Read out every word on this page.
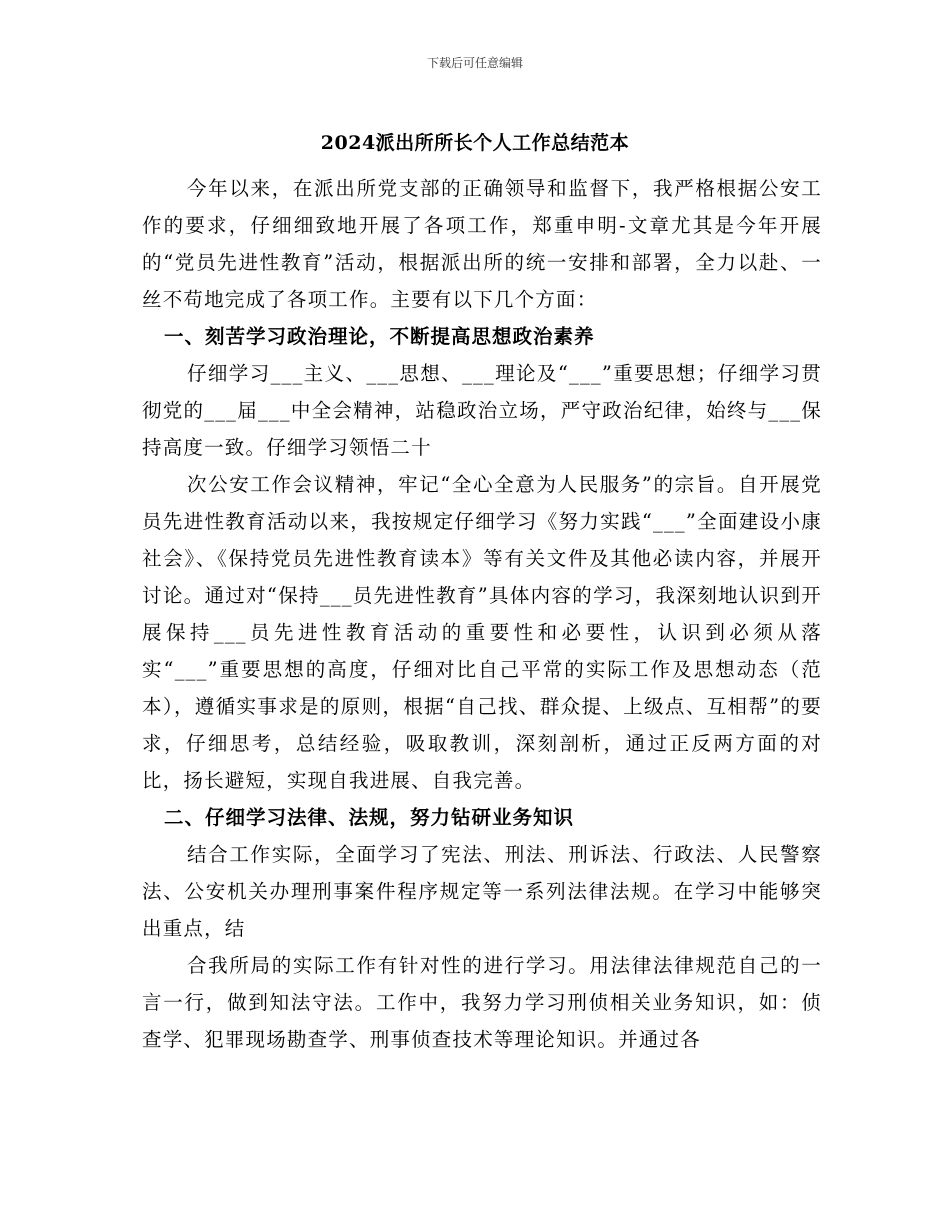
下载后可任意编辑
2024派出所所长个人工作总结范本

今年以来，在派出所党支部的正确领导和监督下，我严格根据公安工作的要求，仔细细致地开展了各项工作，郑重申明-文章尤其是今年开展的“党员先进性教育”活动，根据派出所的统一安排和部署，全力以赴、一丝不苟地完成了各项工作。主要有以下几个方面：

一、刻苦学习政治理论，不断提高思想政治素养

仔细学习___主义、___思想、___理论及“___”重要思想；仔细学习贯彻党的___届___中全会精神，站稳政治立场，严守政治纪律，始终与___保持高度一致。仔细学习领悟二十

次公安工作会议精神，牢记“全心全意为人民服务”的宗旨。自开展党员先进性教育活动以来，我按规定仔细学习《努力实践“___”全面建设小康社会》、《保持党员先进性教育读本》等有关文件及其他必读内容，并展开讨论。通过对“保持___员先进性教育”具体内容的学习，我深刻地认识到开展保持___员先进性教育活动的重要性和必要性，认识到必须从落实“___”重要思想的高度，仔细对比自己平常的实际工作及思想动态（范本），遵循实事求是的原则，根据“自己找、群众提、上级点、互相帮”的要求，仔细思考，总结经验，吸取教训，深刻剖析，通过正反两方面的对比，扬长避短，实现自我进展、自我完善。

二、仔细学习法律、法规，努力钻研业务知识

结合工作实际，全面学习了宪法、刑法、刑诉法、行政法、人民警察法、公安机关办理刑事案件程序规定等一系列法律法规。在学习中能够突出重点，结

合我所局的实际工作有针对性的进行学习。用法律法律规范自己的一言一行，做到知法守法。工作中，我努力学习刑侦相关业务知识，如：侦查学、犯罪现场勘查学、刑事侦查技术等理论知识。并通过各
